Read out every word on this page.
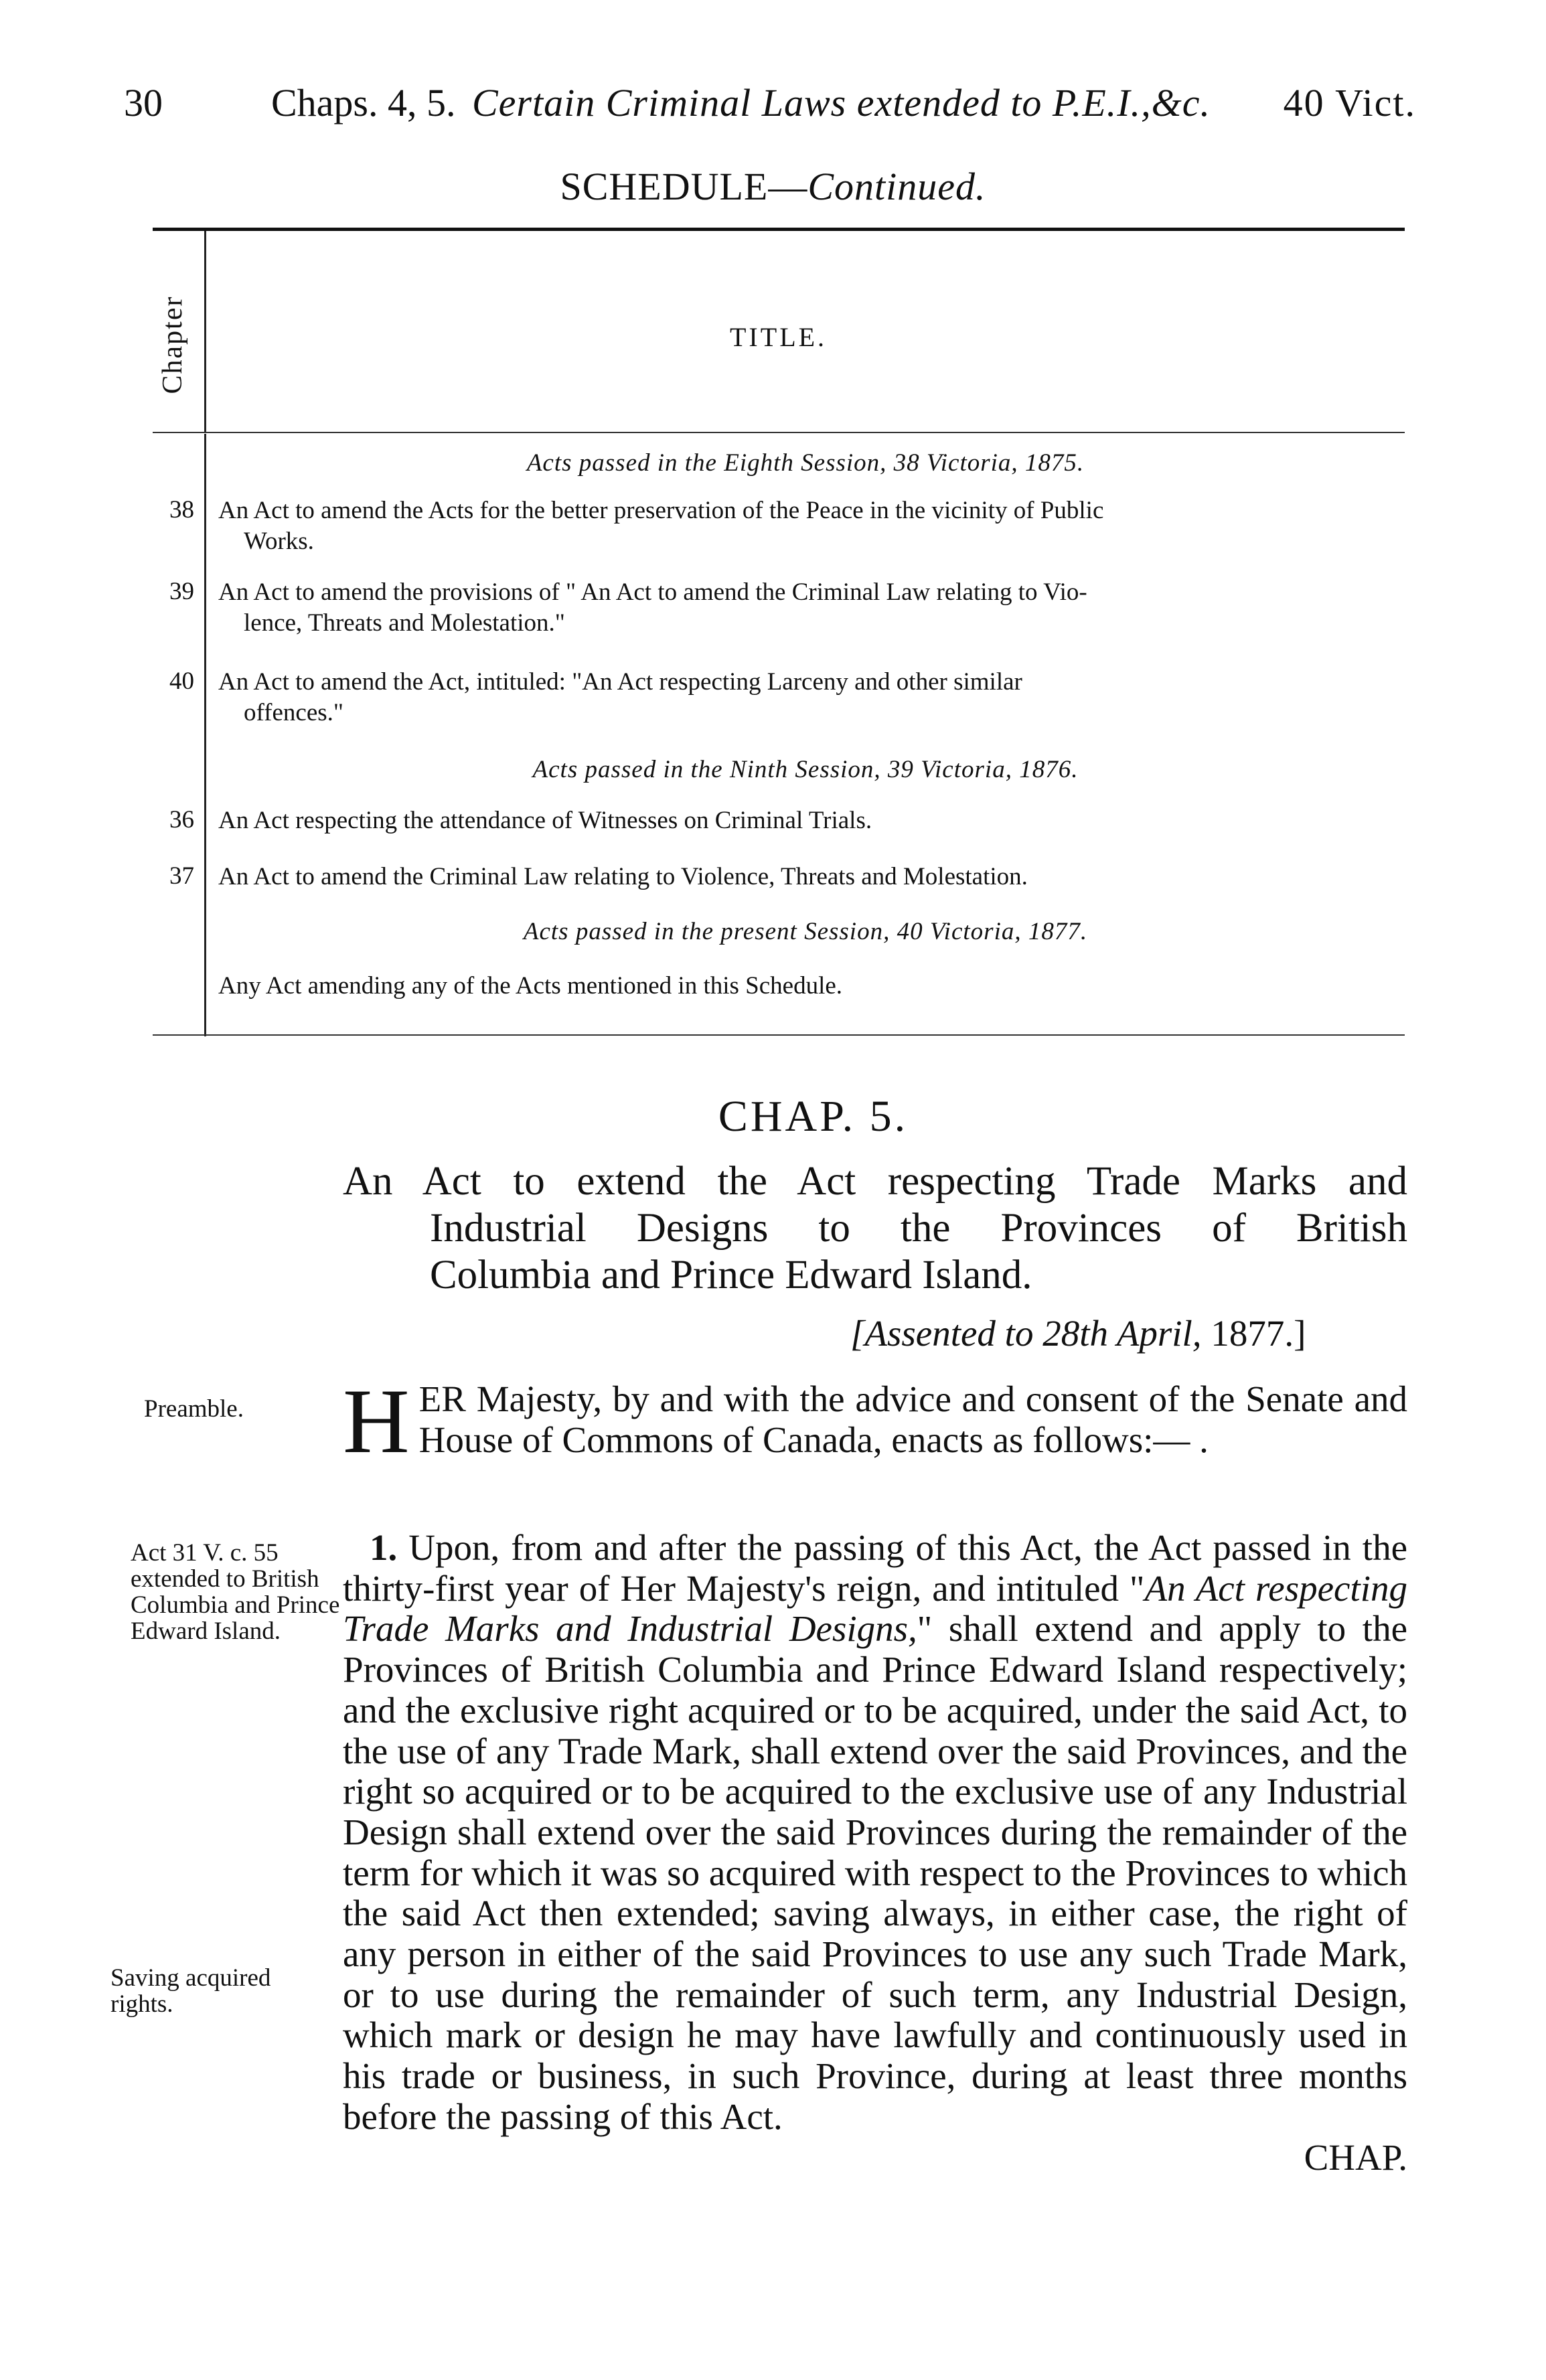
30	Chaps. 4, 5. Certain Criminal Laws extended to P.E.I.,&c. 40 Vict.
SCHEDULE—Continued.
Chapter	TITLE.
Acts passed in the Eighth Session, 38 Victoria, 1875.
38 An Act to amend the Acts for the better preservation of the Peace in the vicinity of Public
Works.
39 An Act to amend the provisions of " An Act to amend the Criminal Law relating to Vio-
lence, Threats and Molestation."
40 An Act to amend the Act, intituled: "An Act respecting Larceny and other similar
offences."
Acts passed in the Ninth Session, 39 Victoria, 1876.
36 An Act respecting the attendance of Witnesses on Criminal Trials.
37 An Act to amend the Criminal Law relating to Violence, Threats and Molestation.
Acts passed in the present Session, 40 Victoria, 1877.
Any Act amending any of the Acts mentioned in this Schedule.
CHAP. 5.
An Act to extend the Act respecting Trade Marks and
Industrial Designs to the Provinces of British
Columbia and Prince Edward Island.
[Assented to 28th April, 1877.]
Preamble.
Act 31 V. c. 55 extended to British Columbia and Prince Edward Island.
Saving acquired rights.
HER Majesty, by and with the advice and consent of the Senate and House of Commons of Canada, enacts as follows:— .
1. Upon, from and after the passing of this Act, the Act passed in the thirty-first year of Her Majesty's reign, and intituled "An Act respecting Trade Marks and Industrial Designs," shall extend and apply to the Provinces of British Columbia and Prince Edward Island respectively; and the exclusive right acquired or to be acquired, under the said Act, to the use of any Trade Mark, shall extend over the said Provinces, and the right so acquired or to be acquired to the exclusive use of any Industrial Design shall extend over the said Provinces during the remainder of the term for which it was so acquired with respect to the Provinces to which the said Act then extended; saving always, in either case, the right of any person in either of the said Provinces to use any such Trade Mark, or to use during the remainder of such term, any Industrial Design, which mark or design he may have lawfully and continuously used in his trade or business, in such Province, during at least three months before the passing of this Act.
CHAP.
